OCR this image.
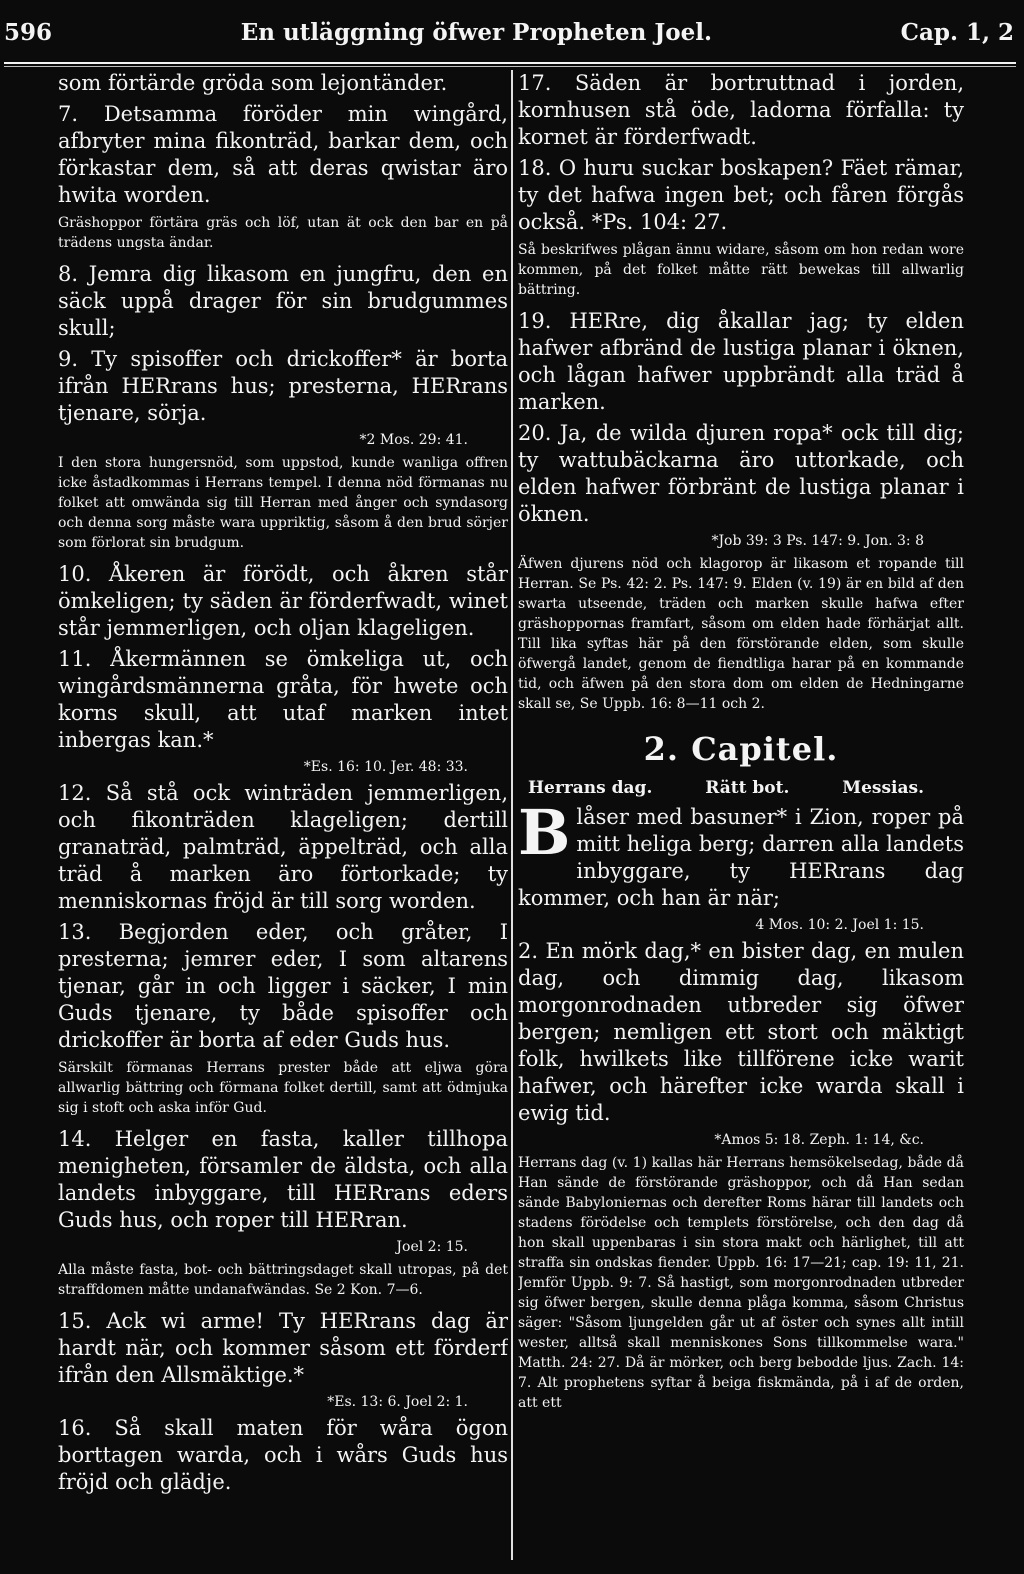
596	En utläggning öfwer Propheten Joel.	Cap. 1, 2

som förtärde gröda som lejontänder.

7. Detsamma föröder min wingård, afbryter mina fikonträd, barkar dem, och förkastar dem, så att deras qwistar äro hwita worden.

Gräshoppor förtära gräs och löf, utan ät ock den bar en på trädens ungsta ändar.

8. Jemra dig likasom en jungfru, den en säck uppå drager för sin brudgummes skull;

9. Ty spisoffer och drickoffer* är borta ifrån HERrans hus; presterna, HERrans tjenare, sörja.

*2 Mos. 29: 41.

I den stora hungersnöd, som uppstod, kunde wanliga offren icke åstadkommas i Herrans tempel. I denna nöd förmanas nu folket att omwända sig till Herran med ånger och syndasorg och denna sorg måste wara uppriktig, såsom å den brud sörjer som förlorat sin brudgum.

10. Åkeren är förödt, och åkren står ömkeligen; ty säden är förderfwadt, winet står jemmerligen, och oljan klageligen.

11. Åkermännen se ömkeliga ut, och wingårdsmännerna gråta, för hwete och korns skull, att utaf marken intet inbergas kan.*

*Es. 16: 10. Jer. 48: 33.

12. Så stå ock winträden jemmerligen, och fikonträden klageligen; dertill granaträd, palmträd, äppelträd, och alla träd å marken äro förtorkade; ty menniskornas fröjd är till sorg worden.

13. Begjorden eder, och gråter, I presterna; jemrer eder, I som altarens tjenar, går in och ligger i säcker, I min Guds tjenare, ty både spisoffer och drickoffer är borta af eder Guds hus.

Särskilt förmanas Herrans prester både att eljwa göra allwarlig bättring och förmana folket dertill, samt att ödmjuka sig i stoft och aska inför Gud.

14. Helger en fasta, kaller tillhopa menigheten, församler de äldsta, och alla landets inbyggare, till HERrans eders Guds hus, och roper till HERran.

Joel 2: 15.

Alla måste fasta, bot- och bättringsdaget skall utropas, på det straffdomen måtte undanafwändas. Se 2 Kon. 7—6.

15. Ack wi arme! Ty HERrans dag är hardt när, och kommer såsom ett förderf ifrån den Allsmäktige.*

*Es. 13: 6. Joel 2: 1.

16. Så skall maten för wåra ögon borttagen warda, och i wårs Guds hus fröjd och glädje.

17. Säden är bortruttnad i jorden, kornhusen stå öde, ladorna förfalla: ty kornet är förderfwadt.

18. O huru suckar boskapen? Fäet rämar, ty det hafwa ingen bet; och fåren förgås också. *Ps. 104: 27.

Så beskrifwes plågan ännu widare, såsom om hon redan wore kommen, på det folket måtte rätt bewekas till allwarlig bättring.

19. HERre, dig åkallar jag; ty elden hafwer afbränd de lustiga planar i öknen, och lågan hafwer uppbrändt alla träd å marken.

20. Ja, de wilda djuren ropa* ock till dig; ty wattubäckarna äro uttorkade, och elden hafwer förbränt de lustiga planar i öknen.

*Job 39: 3 Ps. 147: 9. Jon. 3: 8

Äfwen djurens nöd och klagorop är likasom et ropande till Herran. Se Ps. 42: 2. Ps. 147: 9. Elden (v. 19) är en bild af den swarta utseende, träden och marken skulle hafwa efter gräshoppornas framfart, såsom om elden hade förhärjat allt. Till lika syftas här på den förstörande elden, som skulle öfwergå landet, genom de fiendtliga harar på en kommande tid, och äfwen på den stora dom om elden de Hedningarne skall se, Se Uppb. 16: 8—11 och 2.

2. Capitel.
Herrans dag.	Rätt bot.	Messias.

Blåser med basuner* i Zion, roper på mitt heliga berg; darren alla landets inbyggare, ty HERrans dag kommer, och han är när;

4 Mos. 10: 2. Joel 1: 15.

2. En mörk dag,* en bister dag, en mulen dag, och dimmig dag, likasom morgonrodnaden utbreder sig öfwer bergen; nemligen ett stort och mäktigt folk, hwilkets like tillförene icke warit hafwer, och härefter icke warda skall i ewig tid.

*Amos 5: 18. Zeph. 1: 14, &c.

Herrans dag (v. 1) kallas här Herrans hemsökelsedag, både då Han sände de förstörande gräshoppor, och då Han sedan sände Babyloniernas och derefter Roms härar till landets och stadens förödelse och templets förstörelse, och den dag då hon skall uppenbaras i sin stora makt och härlighet, till att straffa sin ondskas fiender. Uppb. 16: 17—21; cap. 19: 11, 21. Jemför Uppb. 9: 7. Så hastigt, som morgonrodnaden utbreder sig öfwer bergen, skulle denna plåga komma, såsom Christus säger: "Såsom ljungelden går ut af öster och synes allt intill wester, alltså skall menniskones Sons tillkommelse wara." Matth. 24: 27. Då är mörker, och berg bebodde ljus. Zach. 14: 7. Alt prophetens syftar å beiga fiskmända, på i af de orden, att ett
